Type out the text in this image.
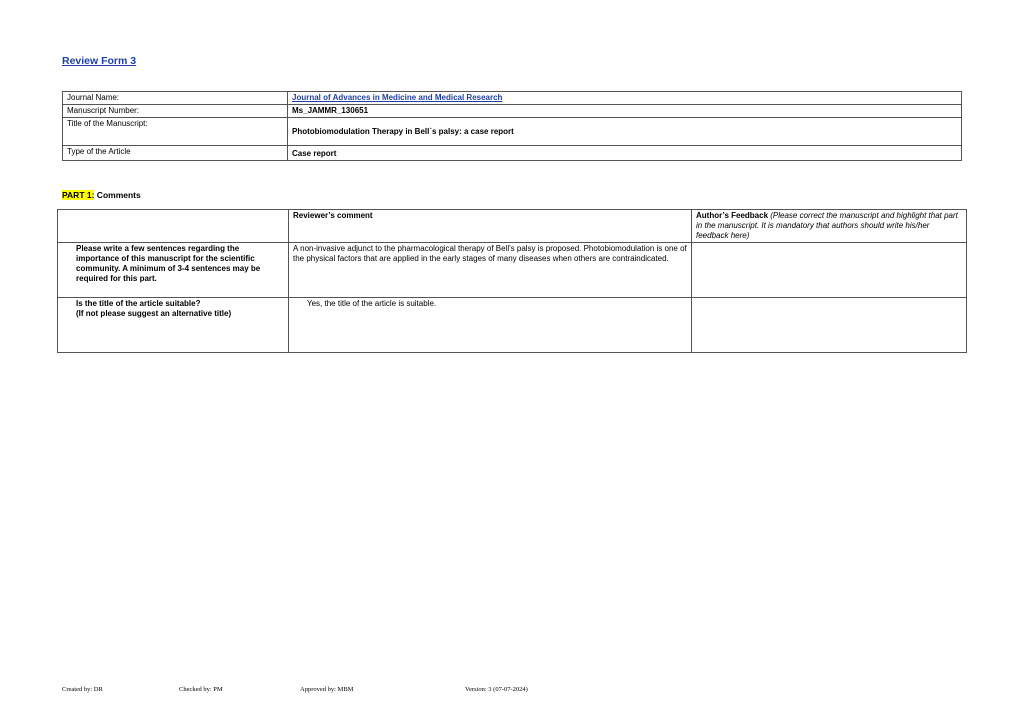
Review Form 3
Journal Name:	Journal of Advances in Medicine and Medical Research
Manuscript Number:	Ms_JAMMR_130651
Title of the Manuscript:	Photobiomodulation Therapy in Bell`s palsy: a case report
Type of the Article	Case report
PART 1: Comments
	Reviewer’s comment	Author’s Feedback (Please correct the manuscript and highlight that part in the manuscript. It is mandatory that authors should write his/her feedback here)
Please write a few sentences regarding the importance of this manuscript for the scientific community. A minimum of 3-4 sentences may be required for this part.	A non-invasive adjunct to the pharmacological therapy of Bell's palsy is proposed. Photobiomodulation is one of the physical factors that are applied in the early stages of many diseases when others are contraindicated.	
Is the title of the article suitable?
(If not please suggest an alternative title)	Yes, the title of the article is suitable.	
Created by: DR	Checked by: PM	Approved by: MBM	Version: 3 (07-07-2024)
